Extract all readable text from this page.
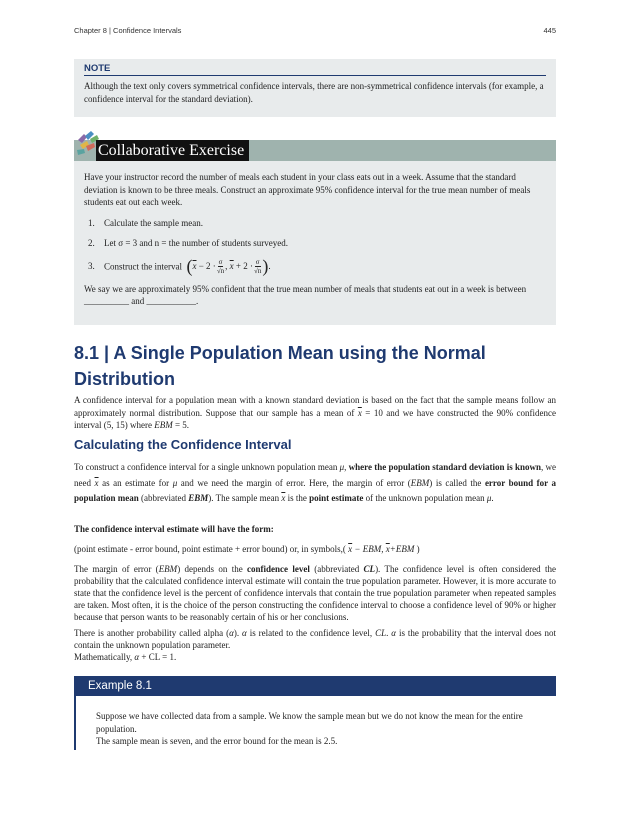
Chapter 8 | Confidence Intervals	445
NOTE
Although the text only covers symmetrical confidence intervals, there are non-symmetrical confidence intervals (for example, a confidence interval for the standard deviation).
Collaborative Exercise

Have your instructor record the number of meals each student in your class eats out in a week. Assume that the standard deviation is known to be three meals. Construct an approximate 95% confidence interval for the true mean number of meals students eat out each week.

1. Calculate the sample mean.
2. Let σ = 3 and n = the number of students surveyed.
3. Construct the interval ( $\overline{x}$
− $2 \cdot \frac{\sigma}{√n}$ ,
$\overline{x}$
+ $2 \cdot \frac{\sigma}{√n}$ ) .

We say we are approximately 95% confident that the true mean number of meals that students eat out in a week is between __________ and ___________.

8.1 | A Single Population Mean using the Normal Distribution
A confidence interval for a population mean with a known standard deviation is based on the fact that the sample means follow an approximately normal distribution. Suppose that our sample has a mean of $\overline{x} = 10$ and we have constructed the 90% confidence interval (5, 15) where EBM = 5.
Calculating the Confidence Interval
To construct a confidence interval for a single unknown population mean μ, where the population standard deviation is known, we need $\overline{x}$ as an estimate for μ and we need the margin of error. Here, the margin of error (EBM) is called the error bound for a population mean (abbreviated EBM). The sample mean $\overline{x}$ is the point estimate of the unknown population mean μ.
The confidence interval estimate will have the form:
(point estimate - error bound, point estimate + error bound) or, in symbols,( $\overline{x}$ − EBM, $\overline{x}+EBM$ )
The margin of error (EBM) depends on the confidence level (abbreviated CL). The confidence level is often considered the probability that the calculated confidence interval estimate will contain the true population parameter. However, it is more accurate to state that the confidence level is the percent of confidence intervals that contain the true population parameter when repeated samples are taken. Most often, it is the choice of the person constructing the confidence interval to choose a confidence level of 90% or higher because that person wants to be reasonably certain of his or her conclusions.
There is another probability called alpha (α). α is related to the confidence level, CL. α is the probability that the interval does not contain the unknown population parameter.
Mathematically, α + CL = 1.
Example 8.1

Suppose we have collected data from a sample. We know the sample mean but we do not know the mean for the entire population.

The sample mean is seven, and the error bound for the mean is 2.5.
